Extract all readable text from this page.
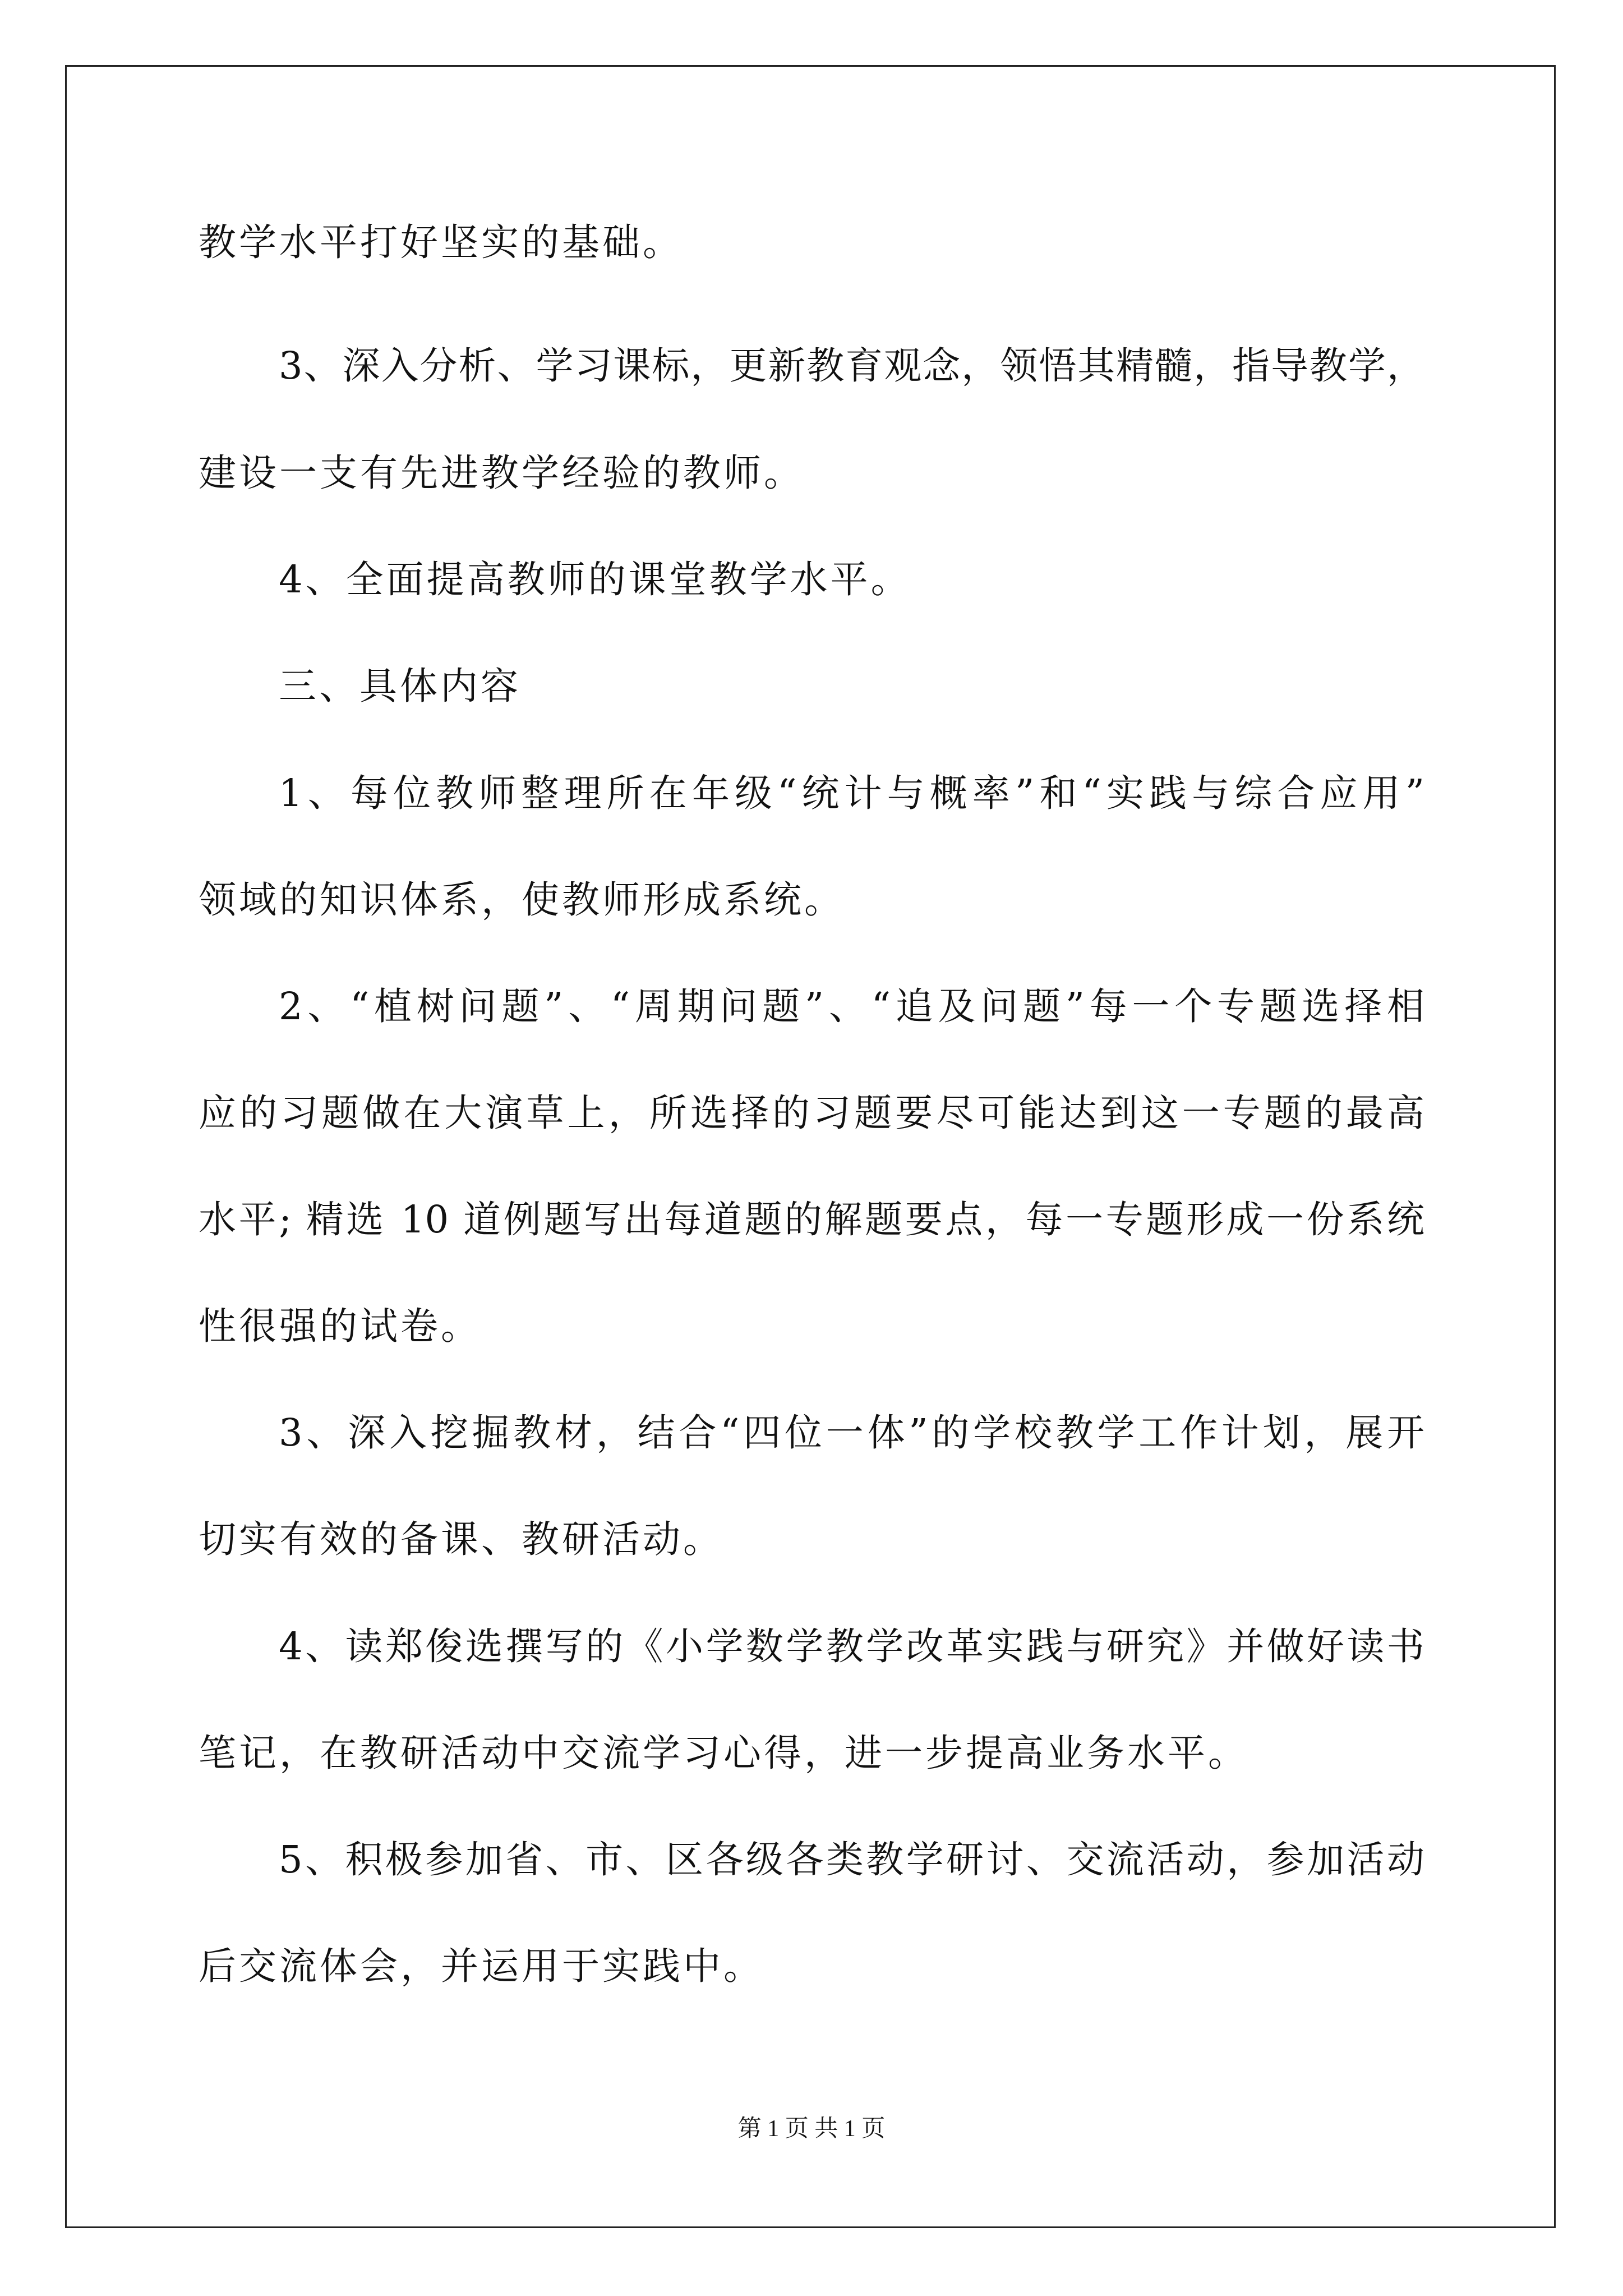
教学水平打好坚实的基础。
3、深入分析、学习课标，更新教育观念，领悟其精髓，指导教学，
建设一支有先进教学经验的教师。
4、全面提高教师的课堂教学水平。
三、具体内容
1、每位教师整理所在年级“统计与概率”和“实践与综合应用”
领域的知识体系，使教师形成系统。
2、“植树问题”、“周期问题”、“追及问题”每一个专题选择相
应的习题做在大演草上，所选择的习题要尽可能达到这一专题的最高
水平; 精选 10 道例题写出每道题的解题要点，每一专题形成一份系统
性很强的试卷。
3、深入挖掘教材，结合“四位一体”的学校教学工作计划，展开
切实有效的备课、教研活动。
4、读郑俊选撰写的《小学数学教学改革实践与研究》并做好读书
笔记，在教研活动中交流学习心得，进一步提高业务水平。
5、积极参加省、市、区各级各类教学研讨、交流活动，参加活动
后交流体会，并运用于实践中。
第 1 页 共 1 页
